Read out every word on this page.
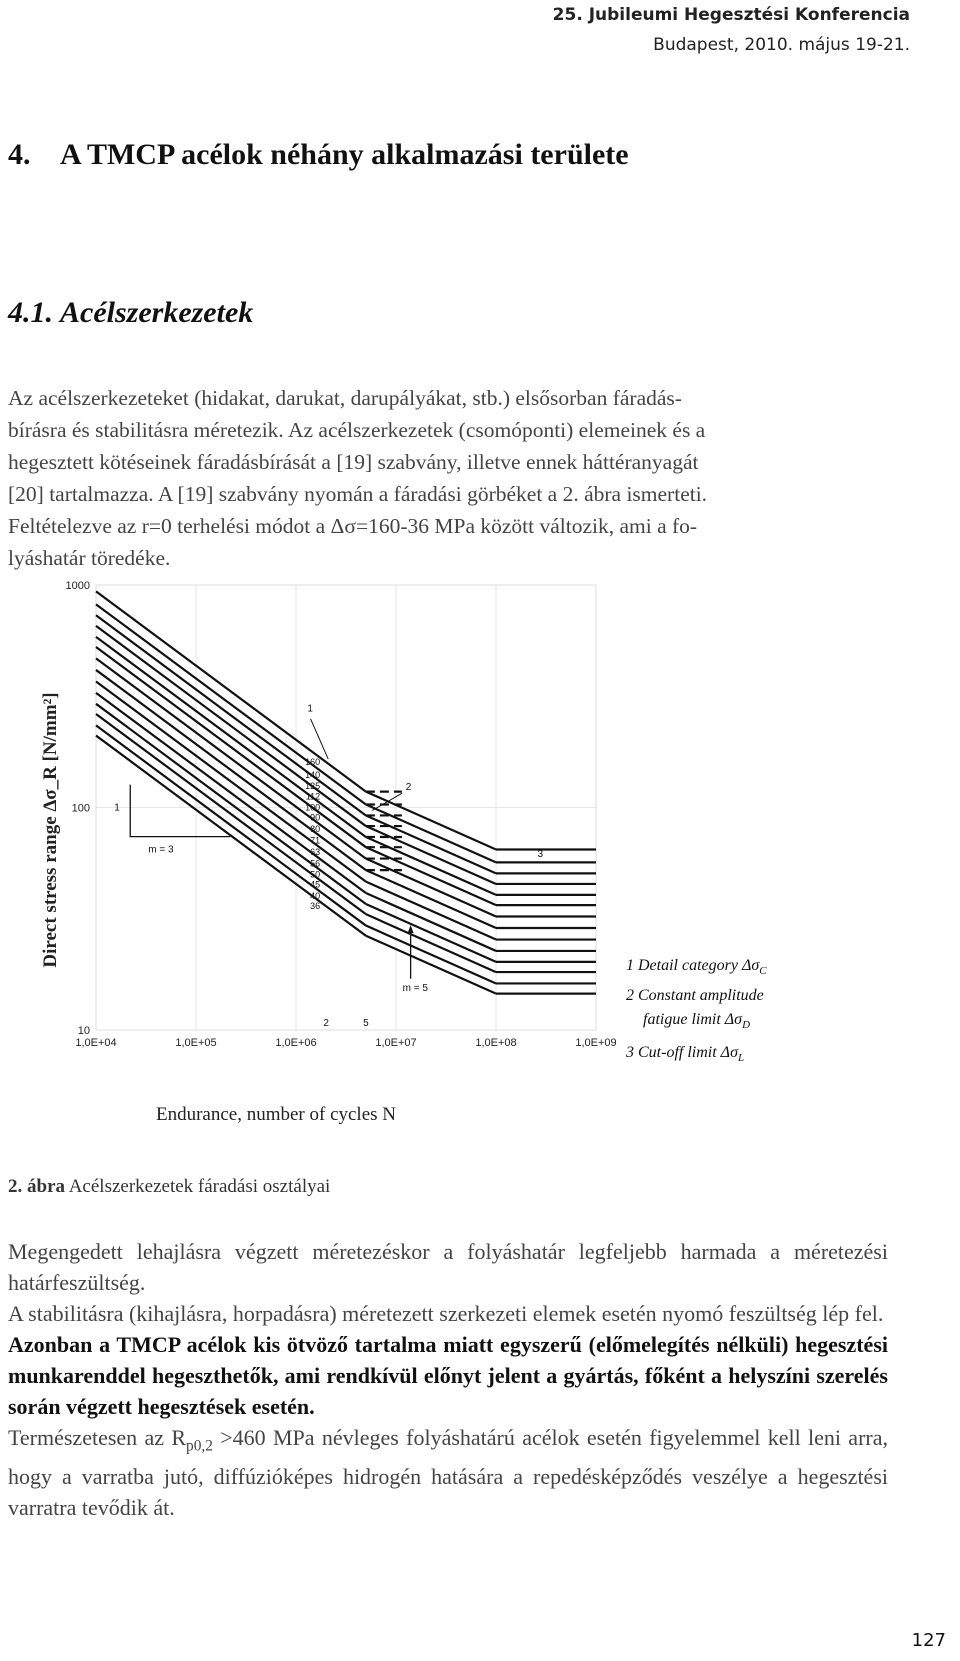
25. Jubileumi Hegesztési Konferencia
Budapest, 2010. május 19-21.
4. A TMCP acélok néhány alkalmazási területe
4.1. Acélszerkezetek
Az acélszerkezeteket (hidakat, darukat, darupályákat, stb.) elsősorban fáradás-
bírásra és stabilitásra méretezik. Az acélszerkezetek (csomóponti) elemeinek és a
hegesztett kötéseinek fáradásbírását a [19] szabvány, illetve ennek háttéranyagát
[20] tartalmazza. A [19] szabvány nyomán a fáradási görbéket a 2. ábra ismerteti.
Feltételezve az r=0 terhelési módot a Δσ=160-36 MPa között változik, ami a fo-
lyáshatár töredéke.
1,0E+04	1,0E+05	1,0E+06	1,0E+07	1,0E+08	1,0E+09
1000
100
10
160
140
125
112
100
90
80
71
63
56
50
45
40
36
m = 3
1
1
2
3
m = 5
2	5
1 Detail category $\Delta\sigma_C$
2 Constant amplitude
fatigue limit $\Delta\sigma_D$
3 Cut-off limit $\Delta\sigma_L$
Endurance, number of cycles N
Direct stress range Δσ_R [N/mm²]
2. ábra Acélszerkezetek fáradási osztályai
Megengedett lehajlásra végzett méretezéskor a folyáshatár legfeljebb harmada a méretezési határfeszültség.
A stabilitásra (kihajlásra, horpadásra) méretezett szerkezeti elemek esetén nyomó feszültség lép fel.
Azonban a TMCP acélok kis ötvöző tartalma miatt egyszerű (előmelegítés nélküli) hegesztési munkarenddel hegeszthetők, ami rendkívül előnyt jelent a gyártás, főként a helyszíni szerelés során végzett hegesztések esetén.
Természetesen az $R_{p0,2} >460$ MPa névleges folyáshatárú acélok esetén figyelemmel kell leni arra, hogy a varratba jutó, diffúzióképes hidrogén hatására a repedésképződés veszélye a hegesztési varratra tevődik át.
127
